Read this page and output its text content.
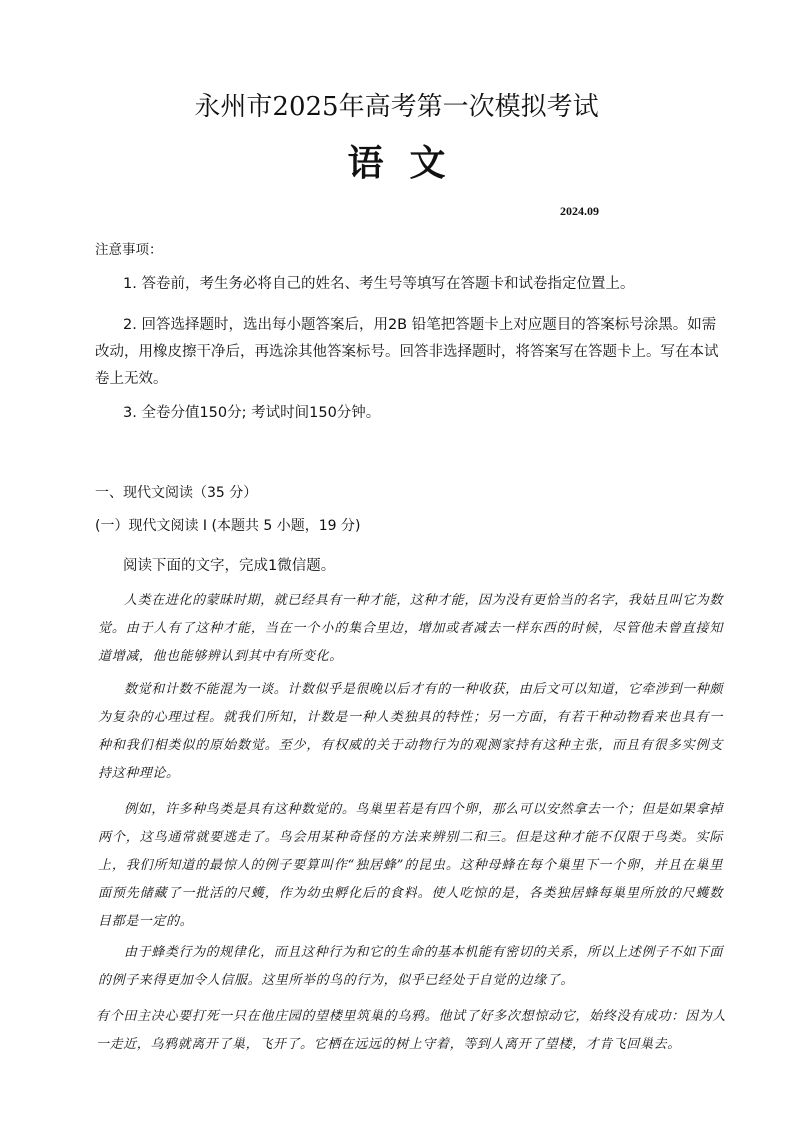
永州市2025年高考第一次模拟考试
语 文
2024.09
注意事项：
1. 答卷前，考生务必将自己的姓名、考生号等填写在答题卡和试卷指定位置上。
2. 回答选择题时，选出每小题答案后，用2B 铅笔把答题卡上对应题目的答案标号涂黑。如需改动，用橡皮擦干净后，再选涂其他答案标号。回答非选择题时，将答案写在答题卡上。写在本试卷上无效。
3. 全卷分值150分; 考试时间150分钟。
一、现代文阅读（35 分）
(一）现代文阅读 I (本题共 5 小题，19 分)
阅读下面的文字，完成1微信题。
人类在进化的蒙昧时期，就已经具有一种才能，这种才能，因为没有更恰当的名字，我姑且叫它为数觉。由于人有了这种才能，当在一个小的集合里边，增加或者减去一样东西的时候，尽管他未曾直接知道增减，他也能够辨认到其中有所变化。
数觉和计数不能混为一谈。计数似乎是很晚以后才有的一种收获，由后文可以知道，它牵涉到一种颇为复杂的心理过程。就我们所知，计数是一种人类独具的特性；另一方面，有若干种动物看来也具有一种和我们相类似的原始数觉。至少，有权威的关于动物行为的观测家持有这种主张，而且有很多实例支持这种理论。
例如，许多种鸟类是具有这种数觉的。鸟巢里若是有四个卵，那么可以安然拿去一个；但是如果拿掉两个，这鸟通常就要逃走了。鸟会用某种奇怪的方法来辨别二和三。但是这种才能不仅限于鸟类。实际上，我们所知道的最惊人的例子要算叫作“独居蜂”的昆虫。这种母蜂在每个巢里下一个卵，并且在巢里面预先储藏了一批活的尺蠖，作为幼虫孵化后的食料。使人吃惊的是，各类独居蜂每巢里所放的尺蠖数目都是一定的。
由于蜂类行为的规律化，而且这种行为和它的生命的基本机能有密切的关系，所以上述例子不如下面的例子来得更加令人信服。这里所举的鸟的行为，似乎已经处于自觉的边缘了。
有个田主决心要打死一只在他庄园的望楼里筑巢的乌鸦。他试了好多次想惊动它，始终没有成功：因为人一走近，乌鸦就离开了巢，飞开了。它栖在远远的树上守着，等到人离开了望楼，才肯飞回巢去。
